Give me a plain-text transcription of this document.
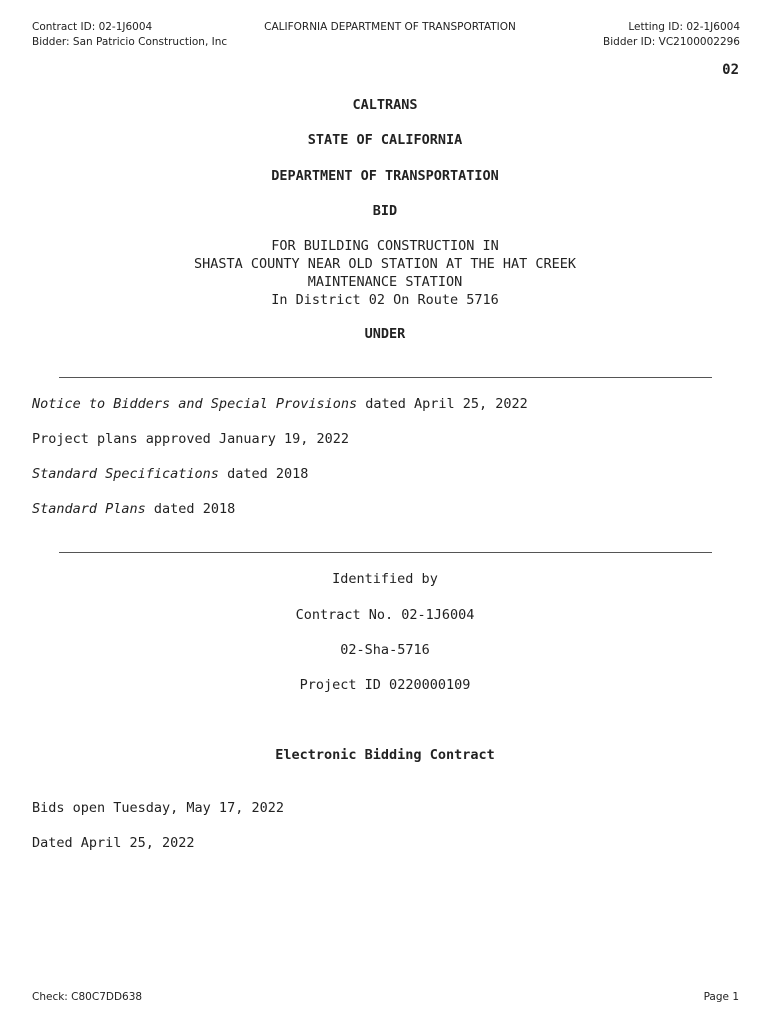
Contract ID: 02-1J6004
Bidder: San Patricio Construction, Inc
CALIFORNIA DEPARTMENT OF TRANSPORTATION	Letting ID: 02-1J6004
Bidder ID: VC2100002296
02
CALTRANS
STATE OF CALIFORNIA
DEPARTMENT OF TRANSPORTATION
BID
FOR BUILDING CONSTRUCTION IN
SHASTA COUNTY NEAR OLD STATION AT THE HAT CREEK
MAINTENANCE STATION
In District 02 On Route 5716
UNDER
Notice to Bidders and Special Provisions dated April 25, 2022
Project plans approved January 19, 2022
Standard Specifications dated 2018
Standard Plans dated 2018
Identified by
Contract No. 02-1J6004
02-Sha-5716
Project ID 0220000109
Electronic Bidding Contract
Bids open Tuesday, May 17, 2022
Dated April 25, 2022
Check: C80C7DD638	Page 1
